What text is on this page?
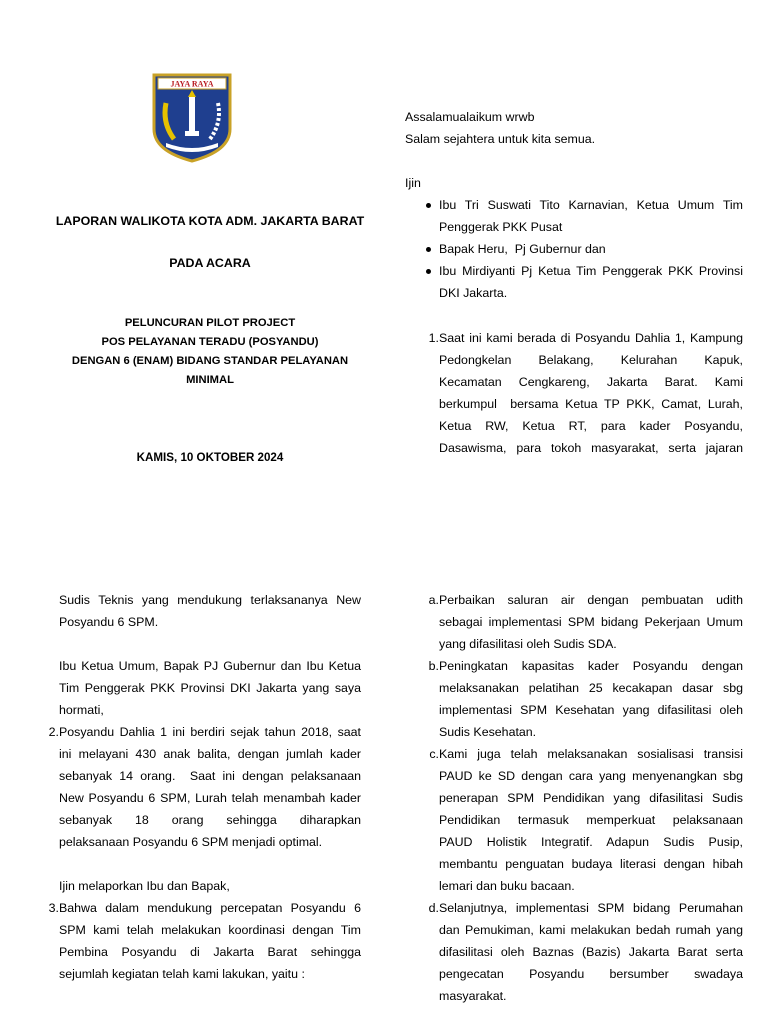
JAYA RAYA
LAPORAN WALIKOTA KOTA ADM. JAKARTA BARAT
PADA ACARA
PELUNCURAN PILOT PROJECT
POS PELAYANAN TERADU (POSYANDU)
DENGAN 6 (ENAM) BIDANG STANDAR PELAYANAN
MINIMAL
KAMIS, 10 OKTOBER 2024
Assalamualaikum wrwb
Salam sejahtera untuk kita semua.
Ijin
Ibu Tri Suswati Tito Karnavian, Ketua Umum Tim
Penggerak PKK Pusat
Bapak Heru,  Pj Gubernur dan
Ibu Mirdiyanti Pj Ketua Tim Penggerak PKK Provinsi
DKI Jakarta.
1. Saat ini kami berada di Posyandu Dahlia 1, Kampung
Pedongkelan Belakang, Kelurahan Kapuk,
Kecamatan Cengkareng, Jakarta Barat. Kami
berkumpul  bersama Ketua TP PKK, Camat, Lurah,
Ketua RW, Ketua RT, para kader Posyandu,
Dasawisma, para tokoh masyarakat, serta jajaran
Sudis Teknis yang mendukung terlaksananya New
Posyandu 6 SPM.
Ibu Ketua Umum, Bapak PJ Gubernur dan Ibu Ketua
Tim Penggerak PKK Provinsi DKI Jakarta yang saya
hormati,
2. Posyandu Dahlia 1 ini berdiri sejak tahun 2018, saat
ini melayani 430 anak balita, dengan jumlah kader
sebanyak 14 orang.  Saat ini dengan pelaksanaan
New Posyandu 6 SPM, Lurah telah menambah kader
sebanyak 18 orang sehingga diharapkan
pelaksanaan Posyandu 6 SPM menjadi optimal.
Ijin melaporkan Ibu dan Bapak,
3. Bahwa dalam mendukung percepatan Posyandu 6
SPM kami telah melakukan koordinasi dengan Tim
Pembina Posyandu di Jakarta Barat sehingga
sejumlah kegiatan telah kami lakukan, yaitu :
a. Perbaikan saluran air dengan pembuatan udith
sebagai implementasi SPM bidang Pekerjaan Umum
yang difasilitasi oleh Sudis SDA.
b. Peningkatan kapasitas kader Posyandu dengan
melaksanakan pelatihan 25 kecakapan dasar sbg
implementasi SPM Kesehatan yang difasilitasi oleh
Sudis Kesehatan.
c. Kami juga telah melaksanakan sosialisasi transisi
PAUD ke SD dengan cara yang menyenangkan sbg
penerapan SPM Pendidikan yang difasilitasi Sudis
Pendidikan termasuk memperkuat pelaksanaan
PAUD Holistik Integratif. Adapun Sudis Pusip,
membantu penguatan budaya literasi dengan hibah
lemari dan buku bacaan.
d. Selanjutnya, implementasi SPM bidang Perumahan
dan Pemukiman, kami melakukan bedah rumah yang
difasilitasi oleh Baznas (Bazis) Jakarta Barat serta
pengecatan Posyandu bersumber swadaya
masyarakat.
